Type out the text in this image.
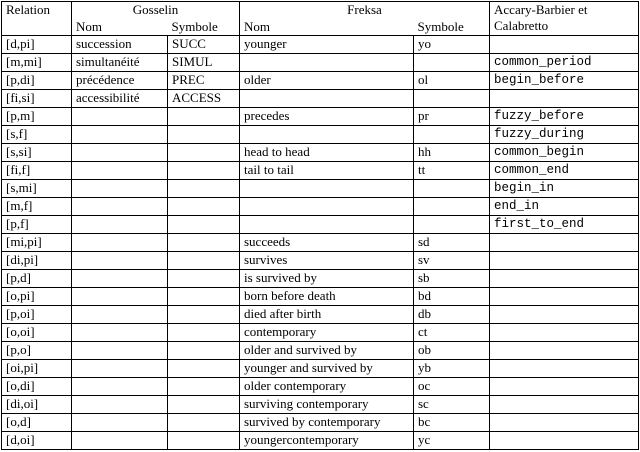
Relation	Gosselin		Freksa		Accary-Barbier et Calabretto
	Nom	Symbole	Nom	Symbole	
[d,pi]	succession	SUCC	younger	yo	
[m,mi]	simultanéité	SIMUL			common_period
[p,di]	précédence	PREC	older	ol	begin_before
[fi,si]	accessibilité	ACCESS			
[p,m]			precedes	pr	fuzzy_before
[s,f]					fuzzy_during
[s,si]			head to head	hh	common_begin
[fi,f]			tail to tail	tt	common_end
[s,mi]					begin_in
[m,f]					end_in
[p,f]					first_to_end
[mi,pi]			succeeds	sd	
[di,pi]			survives	sv	
[p,d]			is survived by	sb	
[o,pi]			born before death	bd	
[p,oi]			died after birth	db	
[o,oi]			contemporary	ct	
[p,o]			older and survived by	ob	
[oi,pi]			younger and survived by	yb	
[o,di]			older contemporary	oc	
[di,oi]			surviving contemporary	sc	
[o,d]			survived by contemporary	bc	
[d,oi]			youngercontemporary	yc	
